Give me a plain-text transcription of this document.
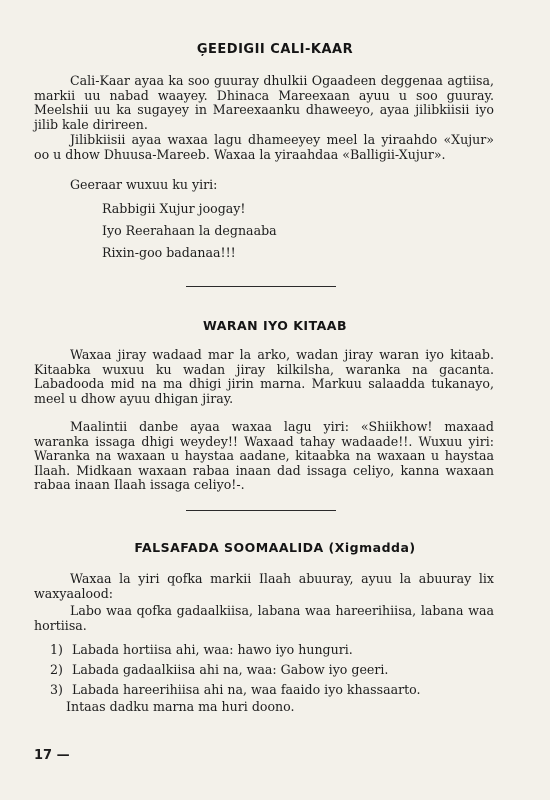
ĢEEDIGII CALI-KAAR

Cali-Kaar ayaa ka soo guuray dhulkii Ogaadeen deggenaa agtiisa, markii uu nabad waayey. Dhinaca Mareexaan ayuu u soo guuray. Meelshii uu ka sugayey in Mareexaanku dhaweeyo, ayaa jilibkiisii iyo jilib kale dirireen.

Jilibkiisii ayaa waxaa lagu dhameeyey meel la yiraahdo «Xujur» oo u dhow Dhuusa-Mareeb. Waxaa la yiraahdaa «Balligii-Xujur».

Geeraar wuxuu ku yiri:

Rabbigii Xujur joogay!
Iyo Reerahaan la degnaaba
Rixin-goo badanaa!!!
WARAN IYO KITAAB

Waxaa jiray wadaad mar la arko, wadan jiray waran iyo kitaab. Kitaabka wuxuu ku wadan jiray kilkilsha, waranka na gacanta. Labadooda mid na ma dhigi jirin marna. Markuu salaadda tukanayo, meel u dhow ayuu dhigan jiray.

Maalintii danbe ayaa waxaa lagu yiri: «Shiikhow! maxaad waranka issaga dhigi weydey!! Waxaad tahay wadaade!!. Wuxuu yiri: Waranka na waxaan u haystaa aadane, kitaabka na waxaan u haystaa Ilaah. Midkaan waxaan rabaa inaan dad issaga celiyo, kanna waxaan rabaa inaan Ilaah issaga celiyo!-.

FALSAFADA SOOMAALIDA (Xigmadda)

Waxaa la yiri qofka markii Ilaah abuuray, ayuu la abuuray lix waxyaalood:

Labo waa qofka gadaalkiisa, labana waa hareerihiisa, labana waa hortiisa.

1) Labada hortiisa ahi, waa: hawo iyo hunguri.
2) Labada gadaalkiisa ahi na, waa: Gabow iyo geeri.
3) Labada hareerihiisa ahi na, waa faaido iyo khassaarto.
Intaas dadku marna ma huri doono.
17 —
